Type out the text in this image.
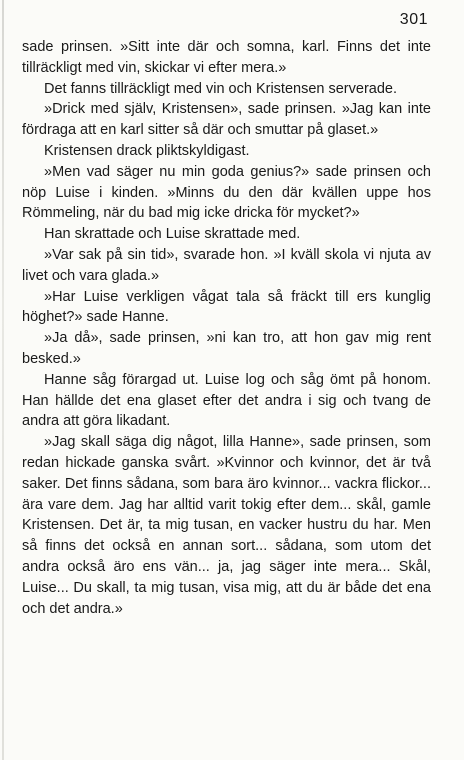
301

sade prinsen. »Sitt inte där och somna, karl. Finns det inte tillräckligt med vin, skickar vi efter mera.»

Det fanns tillräckligt med vin och Kristensen serverade.

»Drick med själv, Kristensen», sade prinsen. »Jag kan inte fördraga att en karl sitter så där och smuttar på glaset.»

Kristensen drack pliktskyldigast.

»Men vad säger nu min goda genius?» sade prinsen och nöp Luise i kinden. »Minns du den där kvällen uppe hos Römmeling, när du bad mig icke dricka för mycket?»

Han skrattade och Luise skrattade med.

»Var sak på sin tid», svarade hon. »I kväll skola vi njuta av livet och vara glada.»

»Har Luise verkligen vågat tala så fräckt till ers kunglig höghet?» sade Hanne.

»Ja då», sade prinsen, »ni kan tro, att hon gav mig rent besked.»

Hanne såg förargad ut. Luise log och såg ömt på honom. Han hällde det ena glaset efter det andra i sig och tvang de andra att göra likadant.

»Jag skall säga dig något, lilla Hanne», sade prinsen, som redan hickade ganska svårt. »Kvinnor och kvinnor, det är två saker. Det finns sådana, som bara äro kvinnor... vackra flickor... ära vare dem. Jag har alltid varit tokig efter dem... skål, gamle Kristensen. Det är, ta mig tusan, en vacker hustru du har. Men så finns det också en annan sort... sådana, som utom det andra också äro ens vän... ja, jag säger inte mera... Skål, Luise... Du skall, ta mig tusan, visa mig, att du är både det ena och det andra.»
